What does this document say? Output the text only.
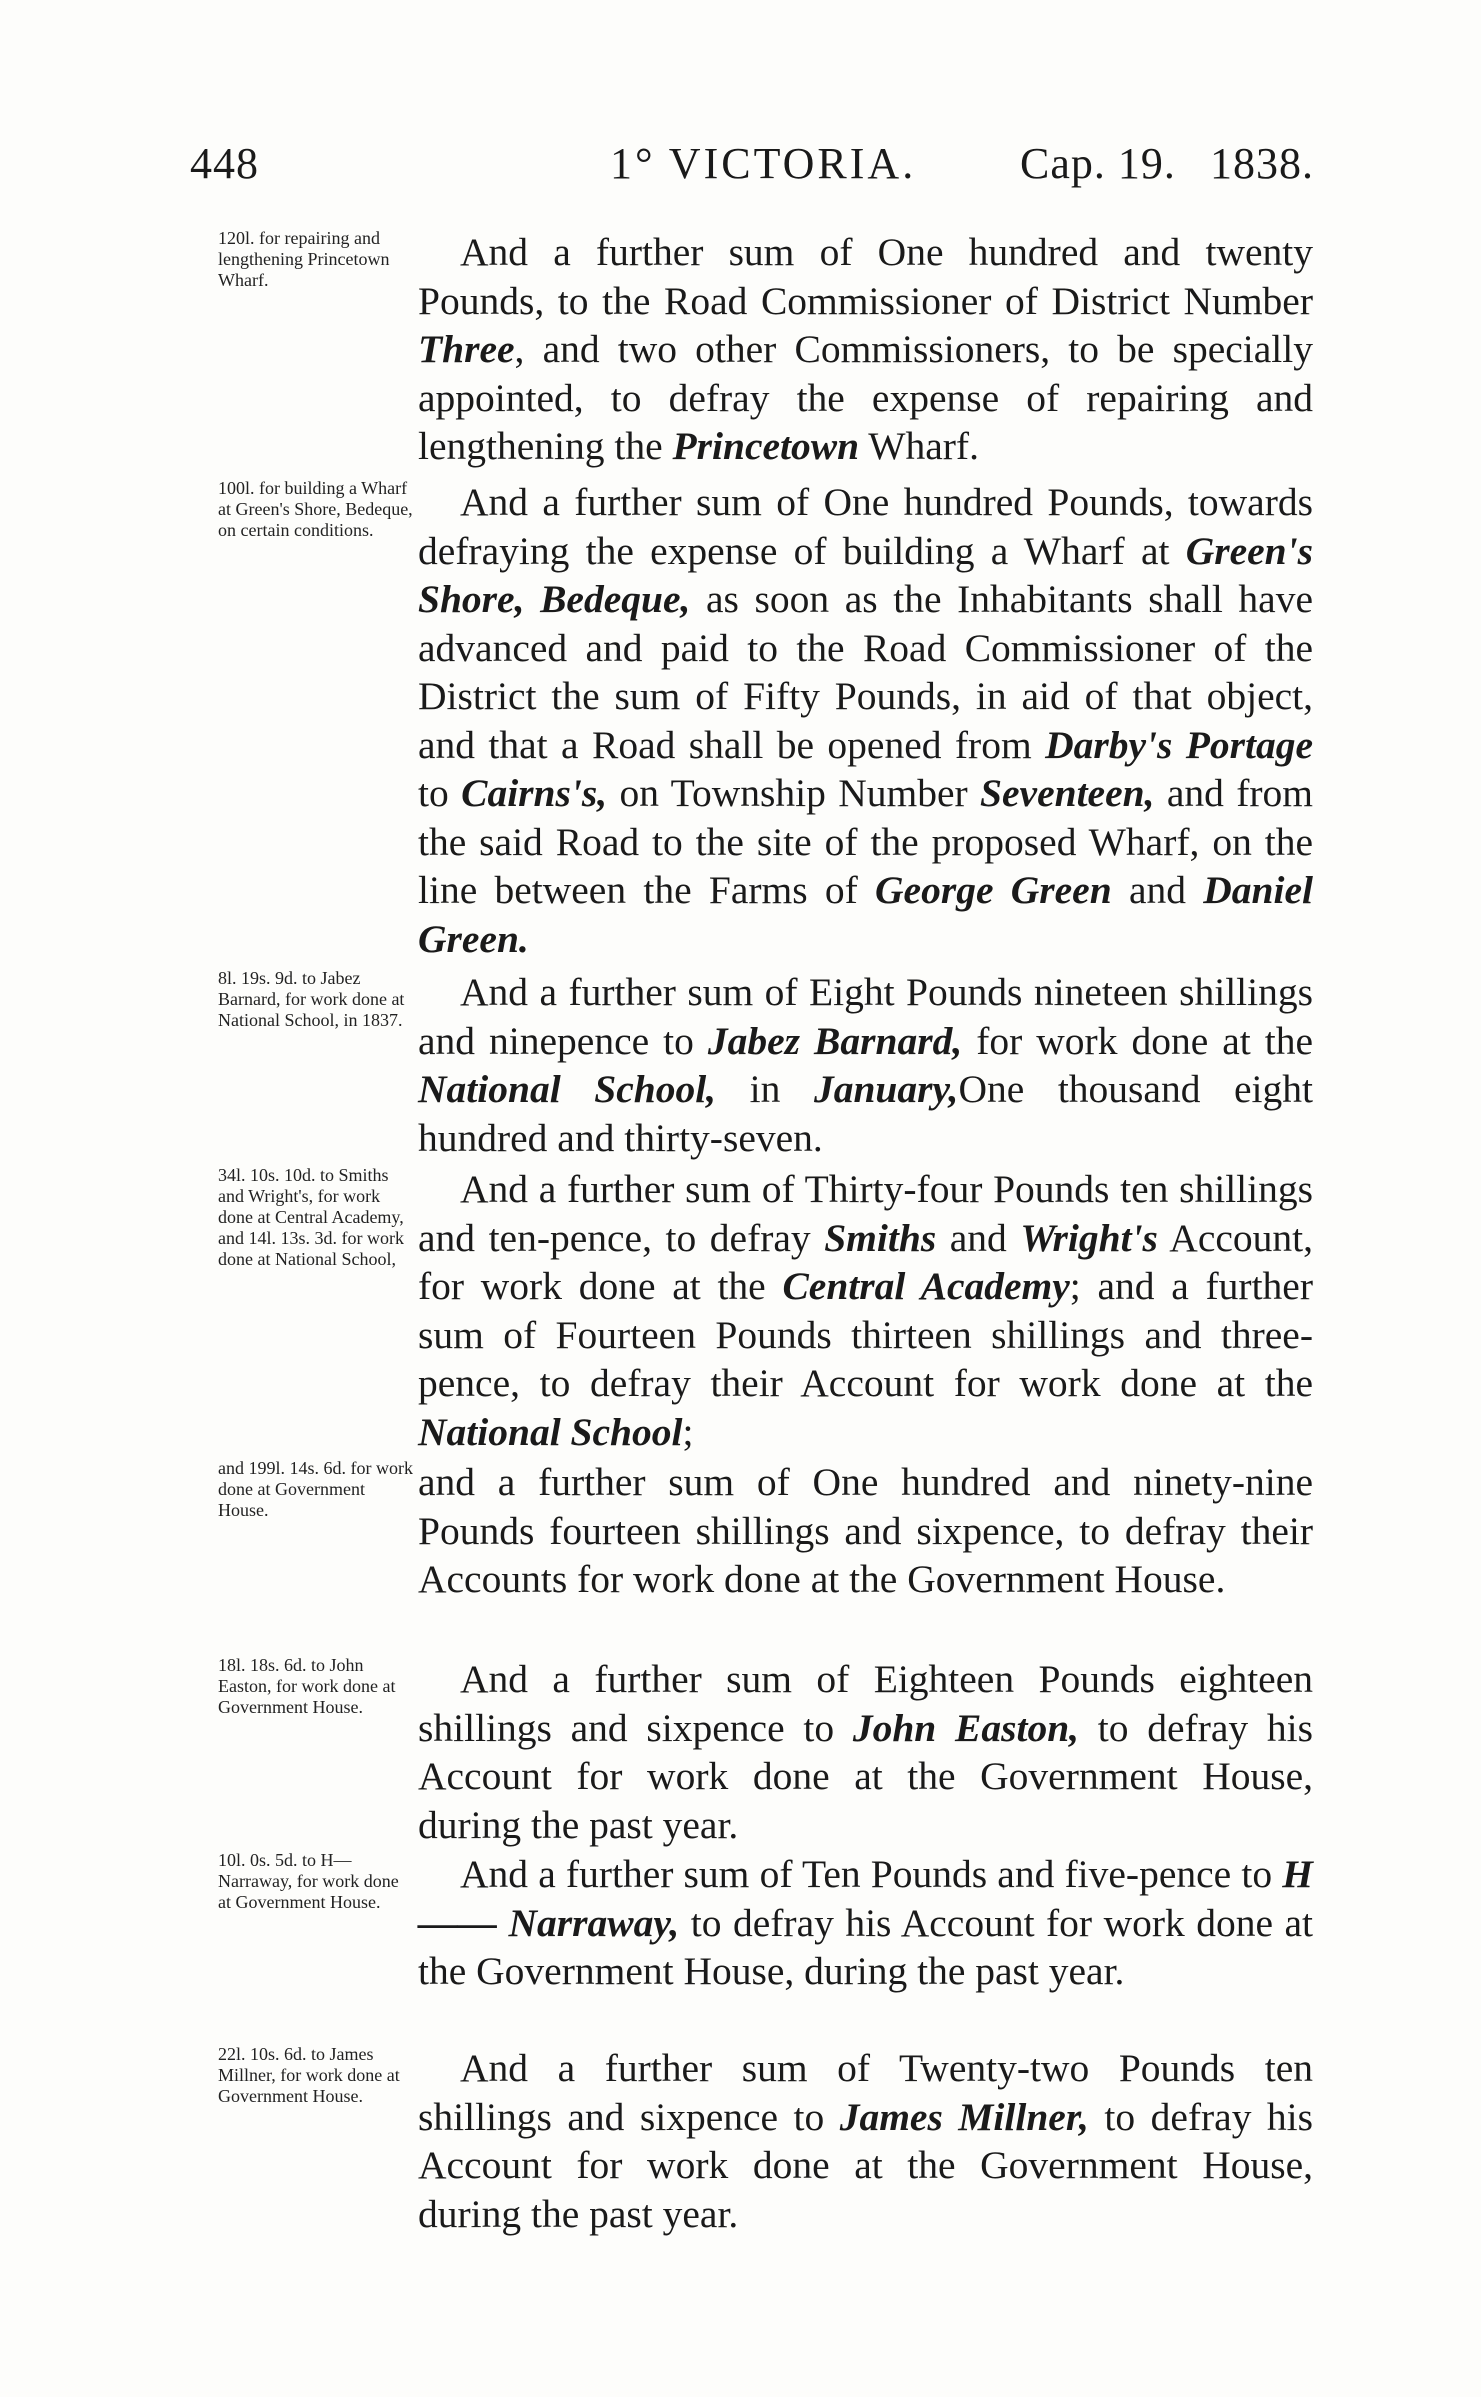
448	1° VICTORIA. Cap. 19. 1838.
120l. for repairing and lengthening Princetown Wharf.

And a further sum of One hundred and twenty Pounds, to the Road Commissioner of District Number Three, and two other Commissioners, to be specially appointed, to defray the expense of repairing and lengthening the Princetown Wharf.

100l. for building a Wharf at Green's Shore, Bedeque, on certain conditions.

And a further sum of One hundred Pounds, towards defraying the expense of building a Wharf at Green's Shore, Bedeque, as soon as the Inhabitants shall have advanced and paid to the Road Commissioner of the District the sum of Fifty Pounds, in aid of that object, and that a Road shall be opened from Darby's Portage to Cairns's, on Township Number Seventeen, and from the said Road to the site of the proposed Wharf, on the line between the Farms of George Green and Daniel Green.

8l. 19s. 9d. to Jabez Barnard, for work done at National School, in 1837.

And a further sum of Eight Pounds nineteen shillings and ninepence to Jabez Barnard, for work done at the National School, in January,One thousand eight hundred and thirty-seven.

34l. 10s. 10d. to Smiths and Wright's, for work done at Central Academy, and 14l. 13s. 3d. for work done at National School,

And a further sum of Thirty-four Pounds ten shillings and ten-pence, to defray Smiths and Wright's Account, for work done at the Central Academy; and a further sum of Fourteen Pounds thirteen shillings and three-pence, to defray their Account for work done at the National School;

and 199l. 14s. 6d. for work done at Government House.

and a further sum of One hundred and ninety-nine Pounds fourteen shillings and sixpence, to defray their Accounts for work done at the Government House.

18l. 18s. 6d. to John Easton, for work done at Government House.

And a further sum of Eighteen Pounds eighteen shillings and sixpence to John Easton, to defray his Account for work done at the Government House, during the past year.

10l. 0s. 5d. to H— Narraway, for work done at Government House.

And a further sum of Ten Pounds and five-pence to H—— Narraway, to defray his Account for work done at the Government House, during the past year.

22l. 10s. 6d. to James Millner, for work done at Government House.

And a further sum of Twenty-two Pounds ten shillings and sixpence to James Millner, to defray his Account for work done at the Government House, during the past year.
